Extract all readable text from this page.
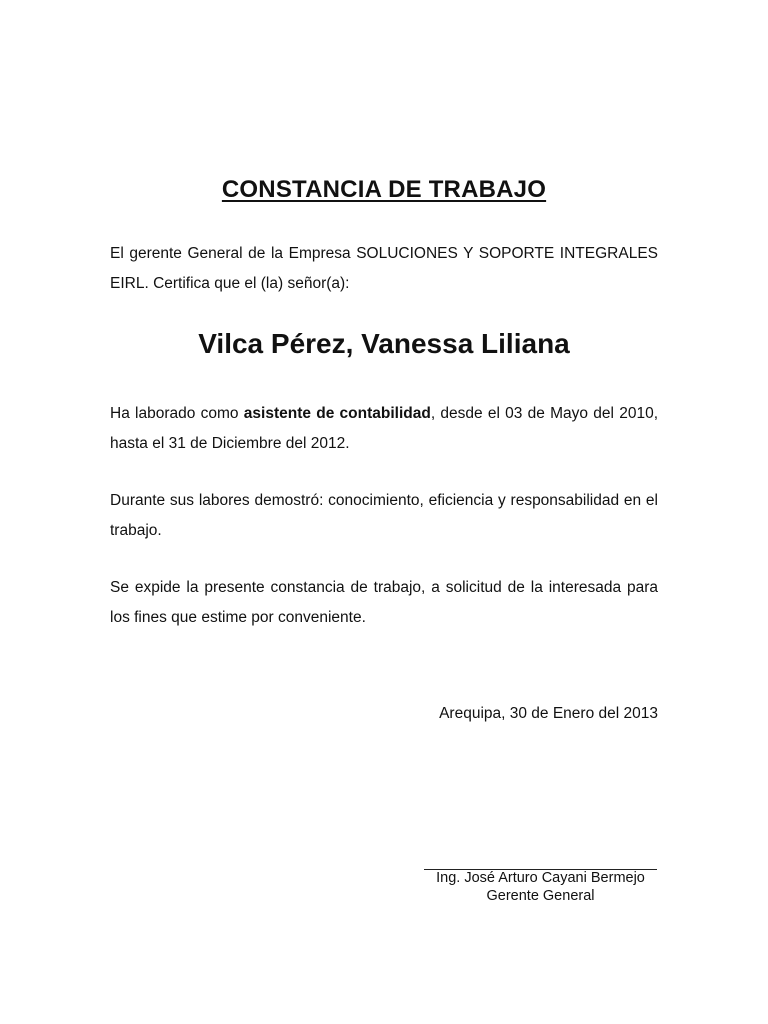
CONSTANCIA DE TRABAJO
El gerente General de la Empresa SOLUCIONES Y SOPORTE INTEGRALES EIRL. Certifica que el (la) señor(a):
Vilca Pérez, Vanessa Liliana
Ha laborado como asistente de contabilidad, desde el 03 de Mayo del 2010, hasta el 31 de Diciembre del 2012.
Durante sus labores demostró: conocimiento, eficiencia y responsabilidad en el trabajo.
Se expide la presente constancia de trabajo, a solicitud de la interesada para los fines que estime por conveniente.
Arequipa, 30 de Enero del 2013
Ing. José Arturo Cayani Bermejo
Gerente General
